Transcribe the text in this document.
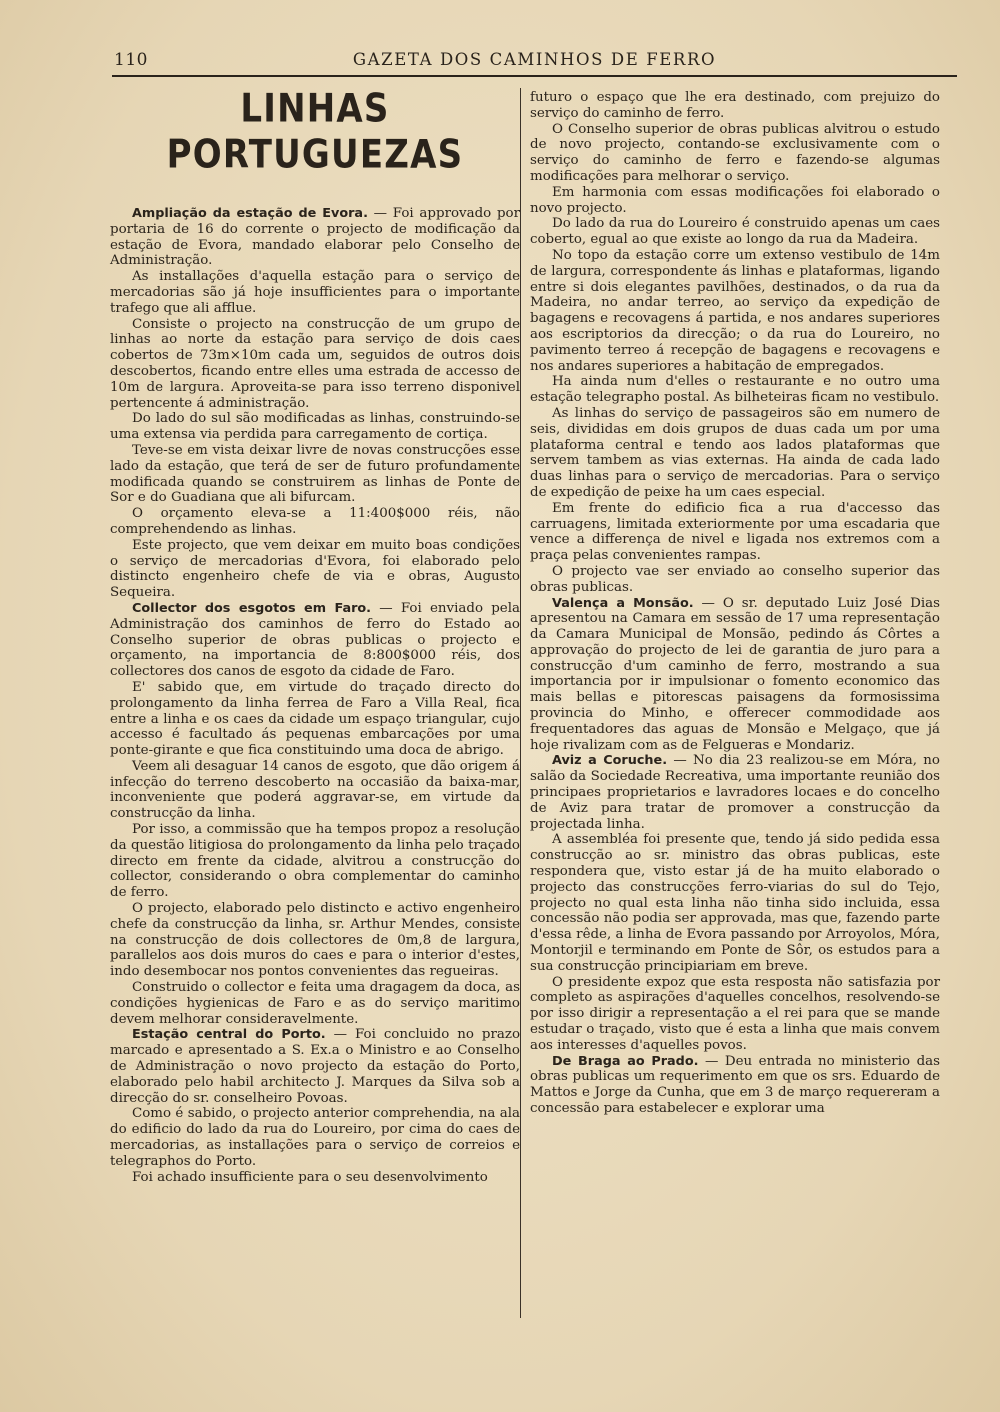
110	GAZETA DOS CAMINHOS DE FERRO
LINHAS PORTUGUEZAS

Ampliação da estação de Evora. — Foi approvado por portaria de 16 do corrente o projecto de modificação da estação de Evora, mandado elaborar pelo Conselho de Administração.

As installações d'aquella estação para o serviço de mercadorias são já hoje insufficientes para o importante trafego que ali afflue.

Consiste o projecto na construcção de um grupo de linhas ao norte da estação para serviço de dois caes cobertos de 73m×10m cada um, seguidos de outros dois descobertos, ficando entre elles uma estrada de accesso de 10m de largura. Aproveita-se para isso terreno disponivel pertencente á administração.

Do lado do sul são modificadas as linhas, construindo-se uma extensa via perdida para carregamento de cortiça.

Teve-se em vista deixar livre de novas construcções esse lado da estação, que terá de ser de futuro profundamente modificada quando se construirem as linhas de Ponte de Sor e do Guadiana que ali bifurcam.

O orçamento eleva-se a 11:400$000 réis, não comprehendendo as linhas.

Este projecto, que vem deixar em muito boas condições o serviço de mercadorias d'Evora, foi elaborado pelo distincto engenheiro chefe de via e obras, Augusto Sequeira.

Collector dos esgotos em Faro. — Foi enviado pela Administração dos caminhos de ferro do Estado ao Conselho superior de obras publicas o projecto e orçamento, na importancia de 8:800$000 réis, dos collectores dos canos de esgoto da cidade de Faro.

E' sabido que, em virtude do traçado directo do prolongamento da linha ferrea de Faro a Villa Real, fica entre a linha e os caes da cidade um espaço triangular, cujo accesso é facultado ás pequenas embarcações por uma ponte-girante e que fica constituindo uma doca de abrigo.

Veem ali desaguar 14 canos de esgoto, que dão origem á infecção do terreno descoberto na occasião da baixa-mar, inconveniente que poderá aggravar-se, em virtude da construcção da linha.

Por isso, a commissão que ha tempos propoz a resolução da questão litigiosa do prolongamento da linha pelo traçado directo em frente da cidade, alvitrou a construcção do collector, considerando o obra complementar do caminho de ferro.

O projecto, elaborado pelo distincto e activo engenheiro chefe da construcção da linha, sr. Arthur Mendes, consiste na construcção de dois collectores de 0m,8 de largura, parallelos aos dois muros do caes e para o interior d'estes, indo desembocar nos pontos convenientes das regueiras.

Construido o collector e feita uma dragagem da doca, as condições hygienicas de Faro e as do serviço maritimo devem melhorar consideravelmente.

Estação central do Porto. — Foi concluido no prazo marcado e apresentado a S. Ex.a o Ministro e ao Conselho de Administração o novo projecto da estação do Porto, elaborado pelo habil architecto J. Marques da Silva sob a direcção do sr. conselheiro Povoas.

Como é sabido, o projecto anterior comprehendia, na ala do edificio do lado da rua do Loureiro, por cima do caes de mercadorias, as installações para o serviço de correios e telegraphos do Porto.

Foi achado insufficiente para o seu desenvolvimento

futuro o espaço que lhe era destinado, com prejuizo do serviço do caminho de ferro.

O Conselho superior de obras publicas alvitrou o estudo de novo projecto, contando-se exclusivamente com o serviço do caminho de ferro e fazendo-se algumas modificações para melhorar o serviço.

Em harmonia com essas modificações foi elaborado o novo projecto.

Do lado da rua do Loureiro é construido apenas um caes coberto, egual ao que existe ao longo da rua da Madeira.

No topo da estação corre um extenso vestibulo de 14m de largura, correspondente ás linhas e plataformas, ligando entre si dois elegantes pavilhões, destinados, o da rua da Madeira, no andar terreo, ao serviço da expedição de bagagens e recovagens á partida, e nos andares superiores aos escriptorios da direcção; o da rua do Loureiro, no pavimento terreo á recepção de bagagens e recovagens e nos andares superiores a habitação de empregados.

Ha ainda num d'elles o restaurante e no outro uma estação telegrapho postal. As bilheteiras ficam no vestibulo.

As linhas do serviço de passageiros são em numero de seis, divididas em dois grupos de duas cada um por uma plataforma central e tendo aos lados plataformas que servem tambem as vias externas. Ha ainda de cada lado duas linhas para o serviço de mercadorias. Para o serviço de expedição de peixe ha um caes especial.

Em frente do edificio fica a rua d'accesso das carruagens, limitada exteriormente por uma escadaria que vence a differença de nivel e ligada nos extremos com a praça pelas convenientes rampas.

O projecto vae ser enviado ao conselho superior das obras publicas.

Valença a Monsão. — O sr. deputado Luiz José Dias apresentou na Camara em sessão de 17 uma representação da Camara Municipal de Monsão, pedindo ás Côrtes a approvação do projecto de lei de garantia de juro para a construcção d'um caminho de ferro, mostrando a sua importancia por ir impulsionar o fomento economico das mais bellas e pitorescas paisagens da formosissima provincia do Minho, e offerecer commodidade aos frequentadores das aguas de Monsão e Melgaço, que já hoje rivalizam com as de Felgueras e Mondariz.

Aviz a Coruche. — No dia 23 realizou-se em Móra, no salão da Sociedade Recreativa, uma importante reunião dos principaes proprietarios e lavradores locaes e do concelho de Aviz para tratar de promover a construcção da projectada linha.

A assembléa foi presente que, tendo já sido pedida essa construcção ao sr. ministro das obras publicas, este respondera que, visto estar já de ha muito elaborado o projecto das construcções ferro-viarias do sul do Tejo, projecto no qual esta linha não tinha sido incluida, essa concessão não podia ser approvada, mas que, fazendo parte d'essa rêde, a linha de Evora passando por Arroyolos, Móra, Montorjil e terminando em Ponte de Sôr, os estudos para a sua construcção principiariam em breve.

O presidente expoz que esta resposta não satisfazia por completo as aspirações d'aquelles concelhos, resolvendo-se por isso dirigir a representação a el rei para que se mande estudar o traçado, visto que é esta a linha que mais convem aos interesses d'aquelles povos.

De Braga ao Prado. — Deu entrada no ministerio das obras publicas um requerimento em que os srs. Eduardo de Mattos e Jorge da Cunha, que em 3 de março requereram a concessão para estabelecer e explorar uma
